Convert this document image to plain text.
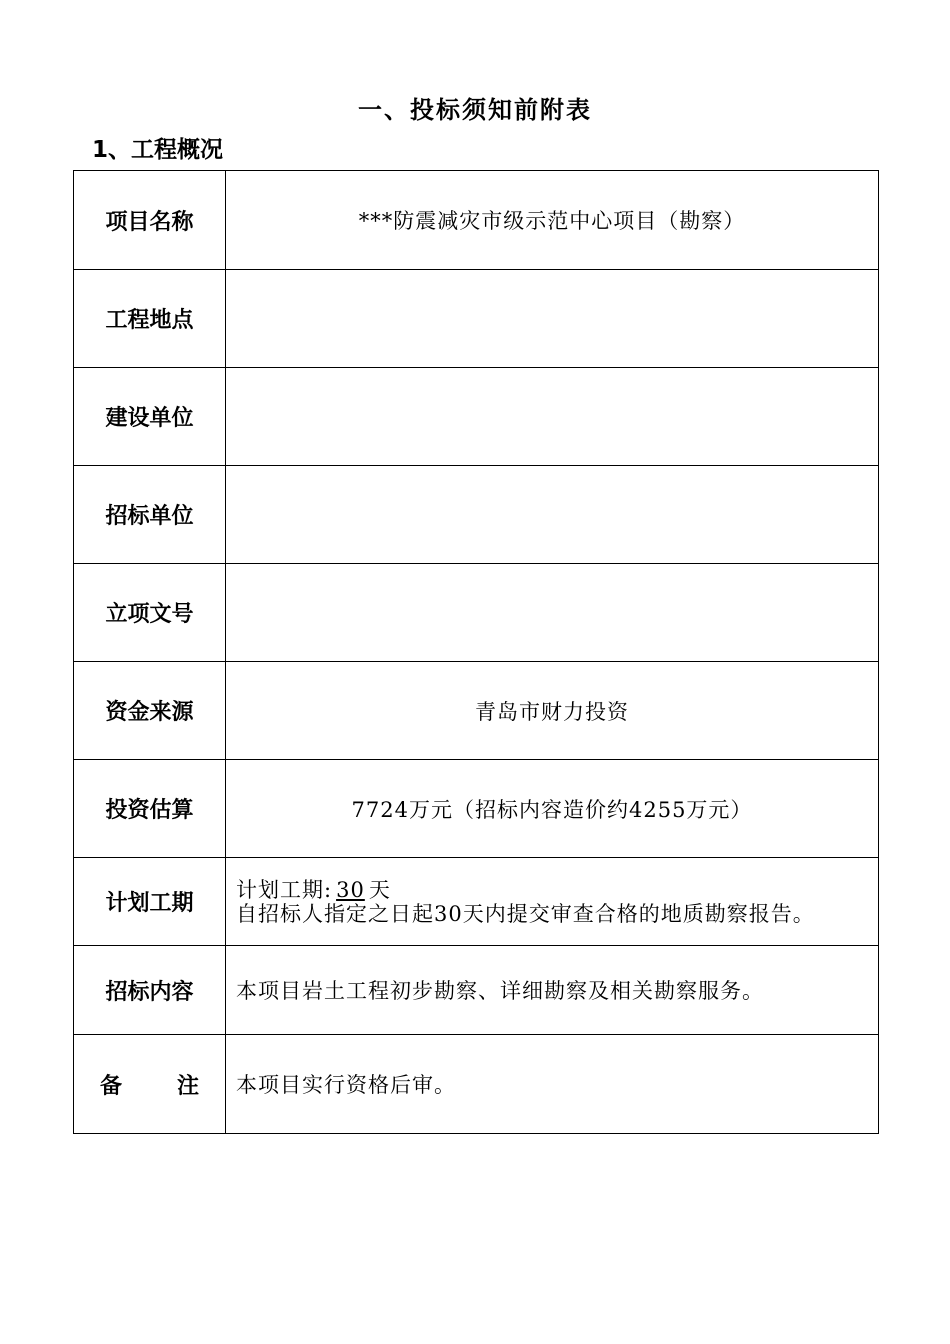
一、投标须知前附表
1、工程概况
项目名称	***防震减灾市级示范中心项目（勘察）
工程地点	
建设单位	
招标单位	
立项文号	
资金来源	青岛市财力投资
投资估算	7724万元（招标内容造价约4255万元）
计划工期	计划工期: 30 天
自招标人指定之日起30天内提交审查合格的地质勘察报告。

招标内容	本项目岩土工程初步勘察、详细勘察及相关勘察服务。

备 注	本项目实行资格后审。
